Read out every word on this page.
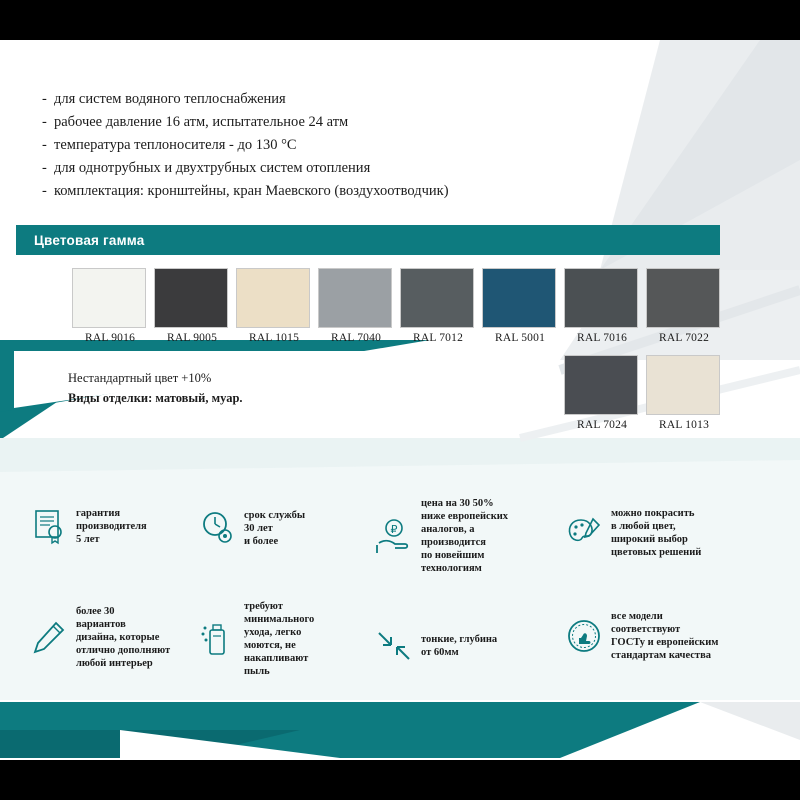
- для систем водяного теплоснабжения
- рабочее давление 16 атм, испытательное 24 атм
- температура теплоносителя - до 130 °C
- для однотрубных и двухтрубных систем отопления
- комплектация: кронштейны, кран Маевского (воздухоотводчик)
Цветовая гамма
RAL 9016	RAL 9005	RAL 1015	RAL 7040	RAL 7012	RAL 5001	RAL 7016	RAL 7022
RAL 7024	RAL 1013
Нестандартный цвет +10%
Виды отделки: матовый, муар.
гарантия
производителя
5 лет
срок службы
30 лет
и более
₽
цена на 30 50%
ниже европейских
аналогов, а
производится
по новейшим
технологиям
можно покрасить
в любой цвет,
широкий выбор
цветовых решений
более 30
вариантов
дизайна, которые
отлично дополняют
любой интерьер
требуют
минимального
ухода, легко
моются, не
накапливают
пыль
тонкие, глубина
от 60мм
все модели
соответствуют
ГОСТу и европейским
стандартам качества
